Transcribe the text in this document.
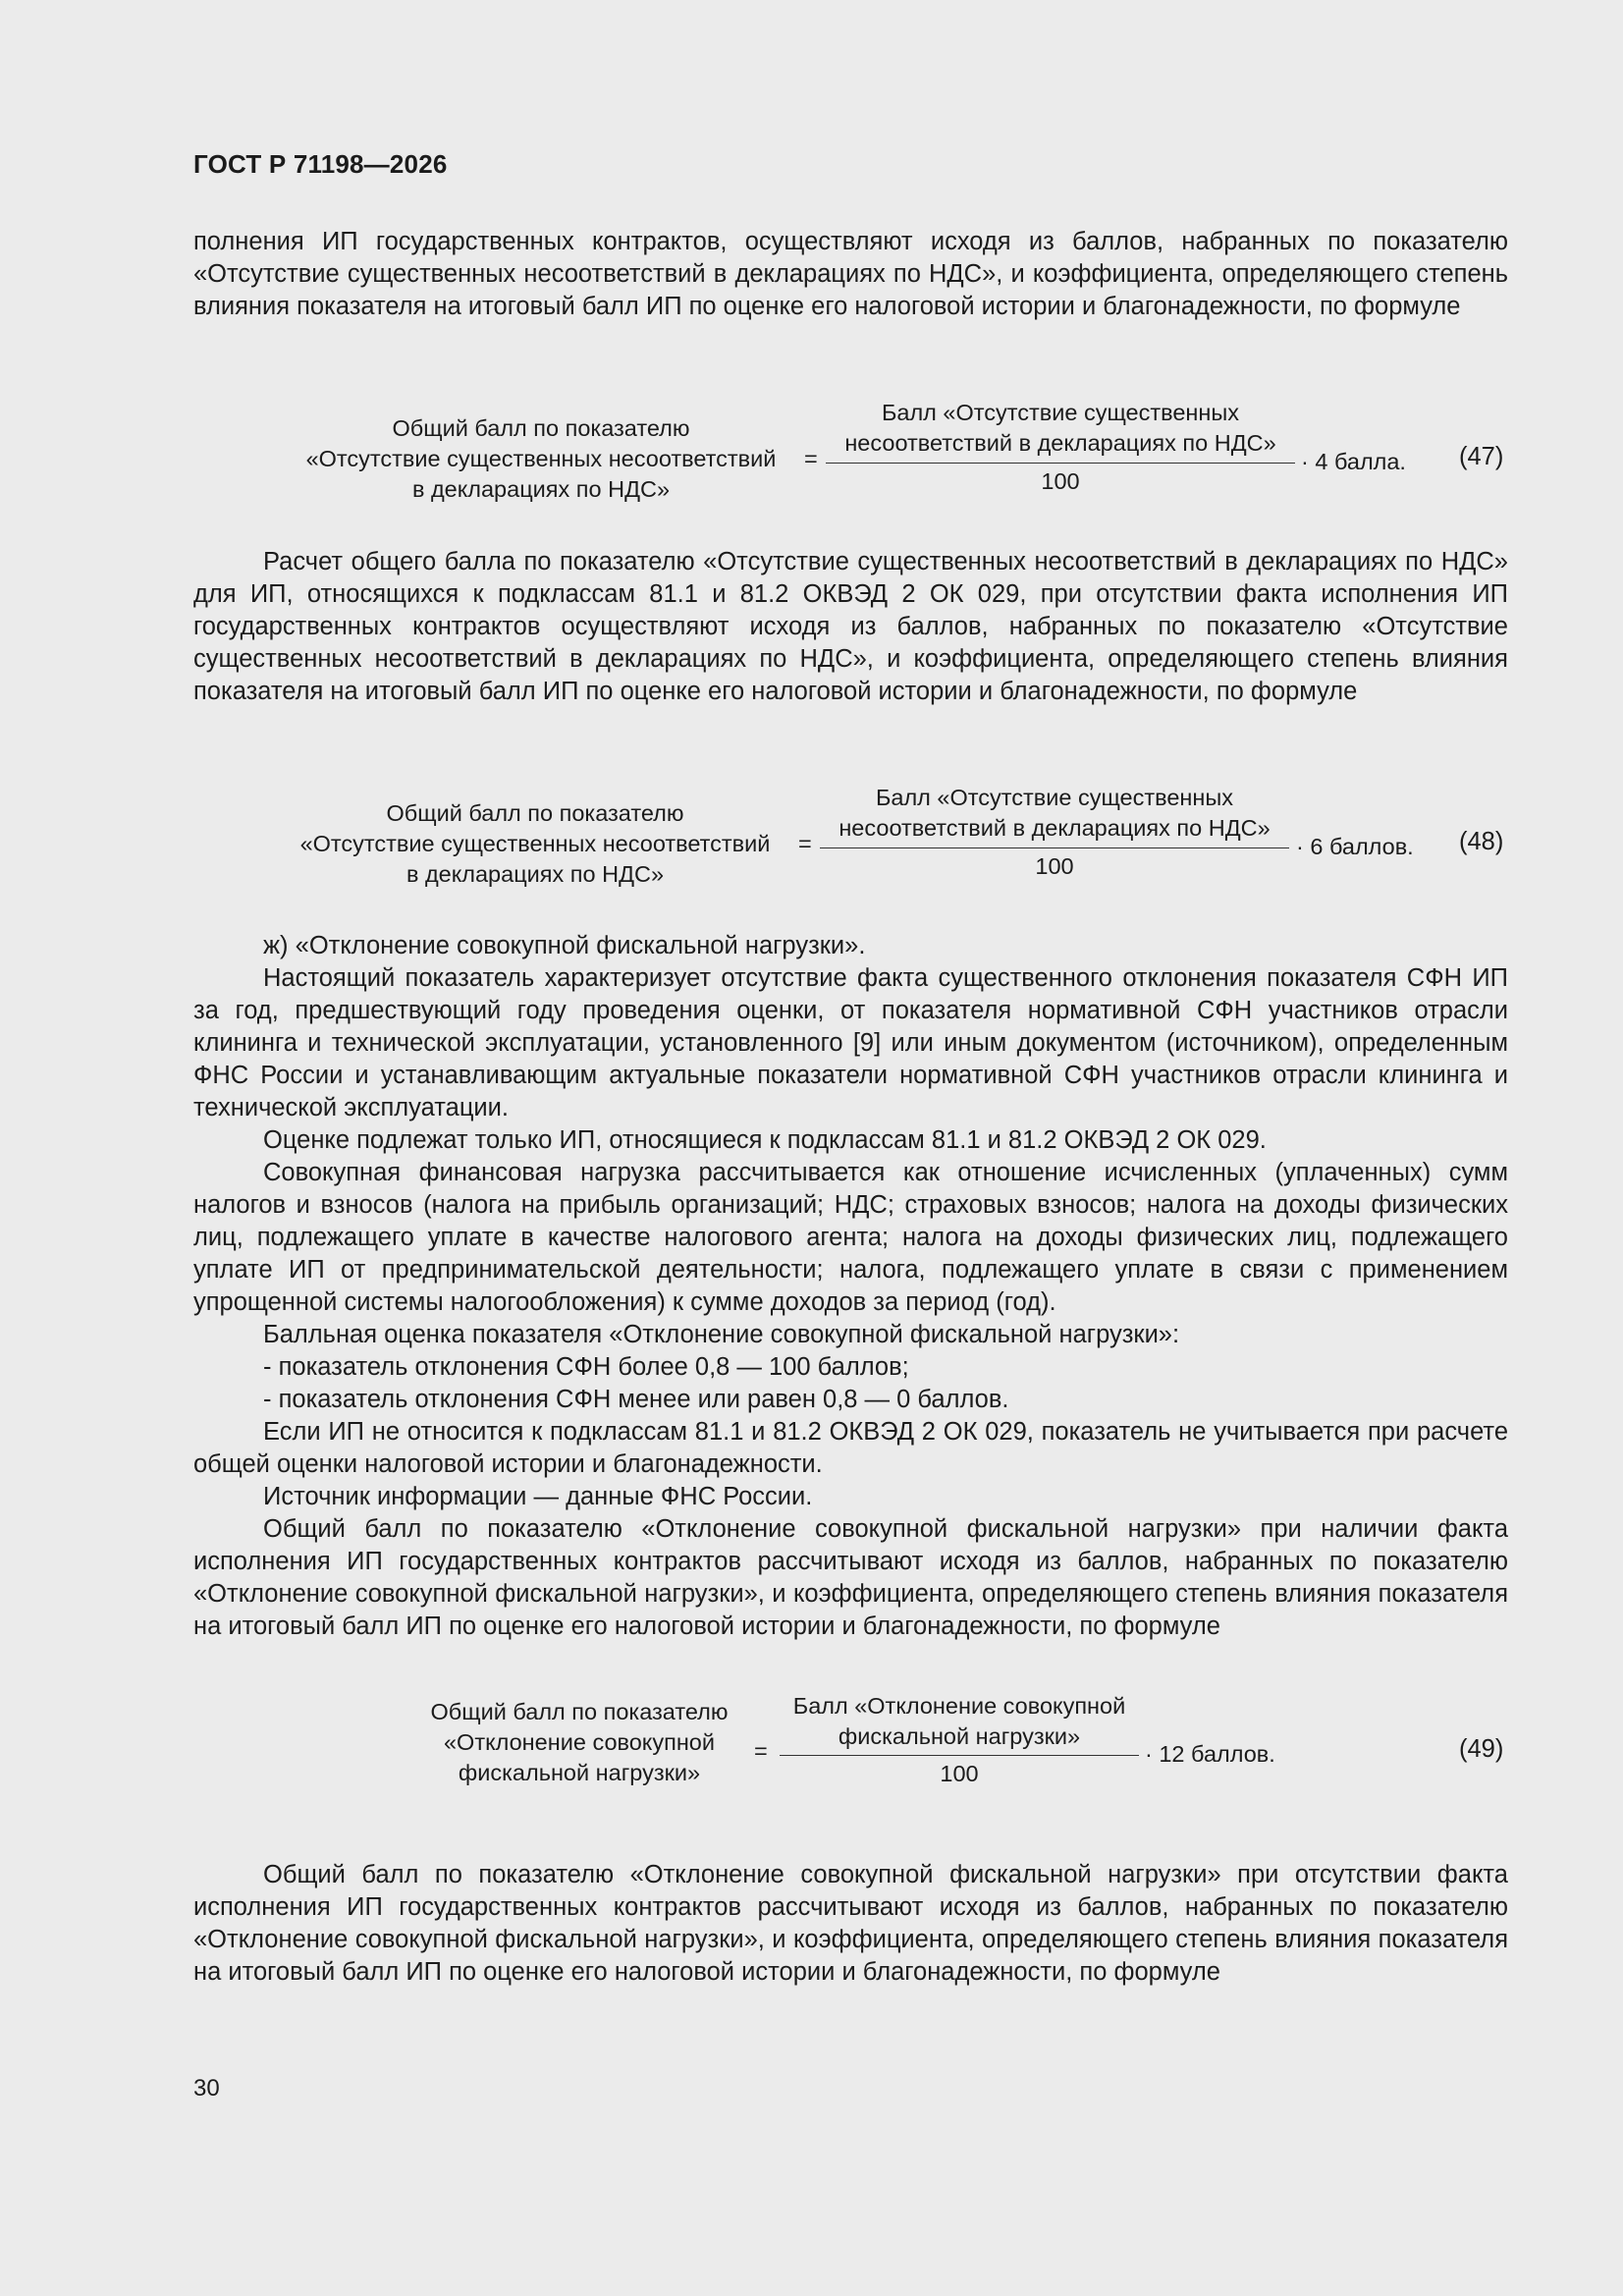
ГОСТ Р 71198—2026

полнения ИП государственных контрактов, осуществляют исходя из баллов, набранных по показателю «Отсутствие существенных несоответствий в декларациях по НДС», и коэффициента, определяющего степень влияния показателя на итоговый балл ИП по оценке его налоговой истории и благонадежности, по формуле

Общий балл по показателю
«Отсутствие существенных несоответствий
в декларациях по НДС»
=
Балл «Отсутствие существенных
несоответствий в декларациях по НДС»
100
· 4 балла. (47)

Расчет общего балла по показателю «Отсутствие существенных несоответствий в декларациях по НДС» для ИП, относящихся к подклассам 81.1 и 81.2 ОКВЭД 2 ОК 029, при отсутствии факта исполнения ИП государственных контрактов осуществляют исходя из баллов, набранных по показателю «Отсутствие существенных несоответствий в декларациях по НДС», и коэффициента, определяющего степень влияния показателя на итоговый балл ИП по оценке его налоговой истории и благонадежности, по формуле

Общий балл по показателю
«Отсутствие существенных несоответствий
в декларациях по НДС»
=
Балл «Отсутствие существенных
несоответствий в декларациях по НДС»
100
· 6 баллов. (48)
ж) «Отклонение совокупной фискальной нагрузки».

Настоящий показатель характеризует отсутствие факта существенного отклонения показателя СФН ИП за год, предшествующий году проведения оценки, от показателя нормативной СФН участников отрасли клининга и технической эксплуатации, установленного [9] или иным документом (источником), определенным ФНС России и устанавливающим актуальные показатели нормативной СФН участников отрасли клининга и технической эксплуатации.

Оценке подлежат только ИП, относящиеся к подклассам 81.1 и 81.2 ОКВЭД 2 ОК 029.

Совокупная финансовая нагрузка рассчитывается как отношение исчисленных (уплаченных) сумм налогов и взносов (налога на прибыль организаций; НДС; страховых взносов; налога на доходы физических лиц, подлежащего уплате в качестве налогового агента; налога на доходы физических лиц, подлежащего уплате ИП от предпринимательской деятельности; налога, подлежащего уплате в связи с применением упрощенной системы налогообложения) к сумме доходов за период (год).

Балльная оценка показателя «Отклонение совокупной фискальной нагрузки»:

- показатель отклонения СФН более 0,8 — 100 баллов;
- показатель отклонения СФН менее или равен 0,8 — 0 баллов.

Если ИП не относится к подклассам 81.1 и 81.2 ОКВЭД 2 ОК 029, показатель не учитывается при расчете общей оценки налоговой истории и благонадежности.

Источник информации — данные ФНС России.

Общий балл по показателю «Отклонение совокупной фискальной нагрузки» при наличии факта исполнения ИП государственных контрактов рассчитывают исходя из баллов, набранных по показателю «Отклонение совокупной фискальной нагрузки», и коэффициента, определяющего степень влияния показателя на итоговый балл ИП по оценке его налоговой истории и благонадежности, по формуле

Общий балл по показателю
«Отклонение совокупной
фискальной нагрузки»
=
Балл «Отклонение совокупной
фискальной нагрузки»
100
· 12 баллов.	(49)

Общий балл по показателю «Отклонение совокупной фискальной нагрузки» при отсутствии факта исполнения ИП государственных контрактов рассчитывают исходя из баллов, набранных по показателю «Отклонение совокупной фискальной нагрузки», и коэффициента, определяющего степень влияния показателя на итоговый балл ИП по оценке его налоговой истории и благонадежности, по формуле

30
